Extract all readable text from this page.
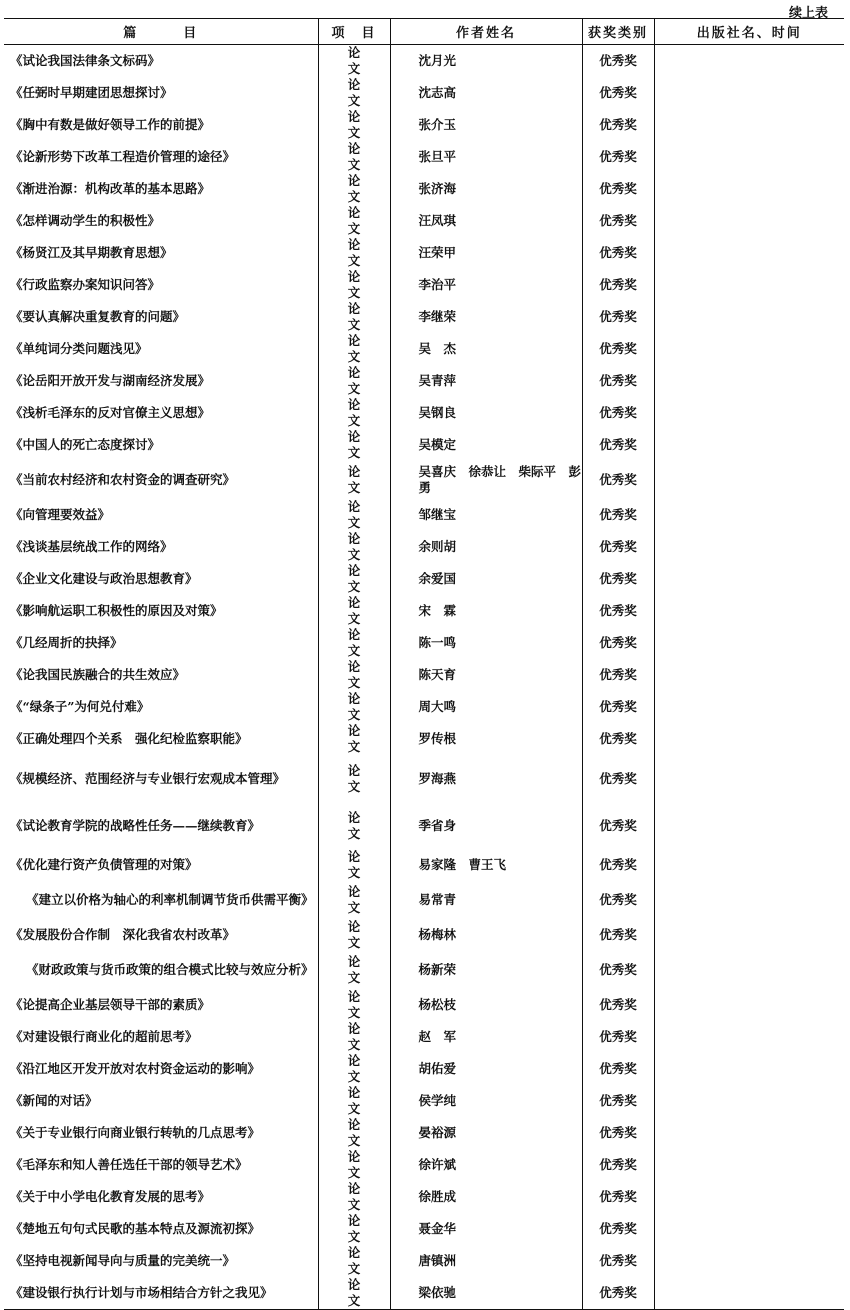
续上表
篇　　　目	项　目	作者姓名	获奖类别	出版社名、时间
《试论我国法律条文标码》	论　文	沈月光	优秀奖	
《任弼时早期建团思想探讨》	论　文	沈志高	优秀奖	
《胸中有数是做好领导工作的前提》	论　文	张介玉	优秀奖	
《论新形势下改革工程造价管理的途径》	论　文	张旦平	优秀奖	
《渐进治源：机构改革的基本思路》	论　文	张济海	优秀奖	
《怎样调动学生的积极性》	论　文	汪凤琪	优秀奖	
《杨贤江及其早期教育思想》	论　文	汪荣甲	优秀奖	
《行政监察办案知识问答》	论　文	李治平	优秀奖	
《要认真解决重复教育的问题》	论　文	李继荣	优秀奖	
《单纯词分类问题浅见》	论　文	吴　杰	优秀奖	
《论岳阳开放开发与湖南经济发展》	论　文	吴青萍	优秀奖	
《浅析毛泽东的反对官僚主义思想》	论　文	吴钢良	优秀奖	
《中国人的死亡态度探讨》	论　文	吴模定	优秀奖	
《当前农村经济和农村资金的调查研究》	论　文	吴喜庆　徐恭让　柴际平　彭　勇	优秀奖	
《向管理要效益》	论　文	邹继宝	优秀奖	
《浅谈基层统战工作的网络》	论　文	余则胡	优秀奖	
《企业文化建设与政治思想教育》	论　文	余爱国	优秀奖	
《影响航运职工积极性的原因及对策》	论　文	宋　霖	优秀奖	
《几经周折的抉择》	论　文	陈一鸣	优秀奖	
《论我国民族融合的共生效应》	论　文	陈天育	优秀奖	
《“绿条子”为何兑付难》	论　文	周大鸣	优秀奖	
《正确处理四个关系　强化纪检监察职能》	论　文	罗传根	优秀奖	
《规模经济、范围经济与专业银行宏观成本管理》	论　文	罗海燕	优秀奖	
《试论教育学院的战略性任务——继续教育》	论　文	季省身	优秀奖	
《优化建行资产负债管理的对策》	论　文	易家隆　曹王飞	优秀奖	
《建立以价格为轴心的利率机制调节货币供需平衡》	论　文	易常青	优秀奖	
《发展股份合作制　深化我省农村改革》	论　文	杨梅林	优秀奖	
《财政政策与货币政策的组合模式比较与效应分析》	论　文	杨新荣	优秀奖	
《论提高企业基层领导干部的素质》	论　文	杨松枝	优秀奖	
《对建设银行商业化的超前思考》	论　文	赵　军	优秀奖	
《沿江地区开发开放对农村资金运动的影响》	论　文	胡佑爱	优秀奖	
《新闻的对话》	论　文	侯学纯	优秀奖	
《关于专业银行向商业银行转轨的几点思考》	论　文	晏裕源	优秀奖	
《毛泽东和知人善任选任干部的领导艺术》	论　文	徐许斌	优秀奖	
《关于中小学电化教育发展的思考》	论　文	徐胜成	优秀奖	
《楚地五句句式民歌的基本特点及源流初探》	论　文	聂金华	优秀奖	
《坚持电视新闻导向与质量的完美统一》	论　文	唐镇洲	优秀奖	
《建设银行执行计划与市场相结合方针之我见》	论　文	梁依驰	优秀奖	
